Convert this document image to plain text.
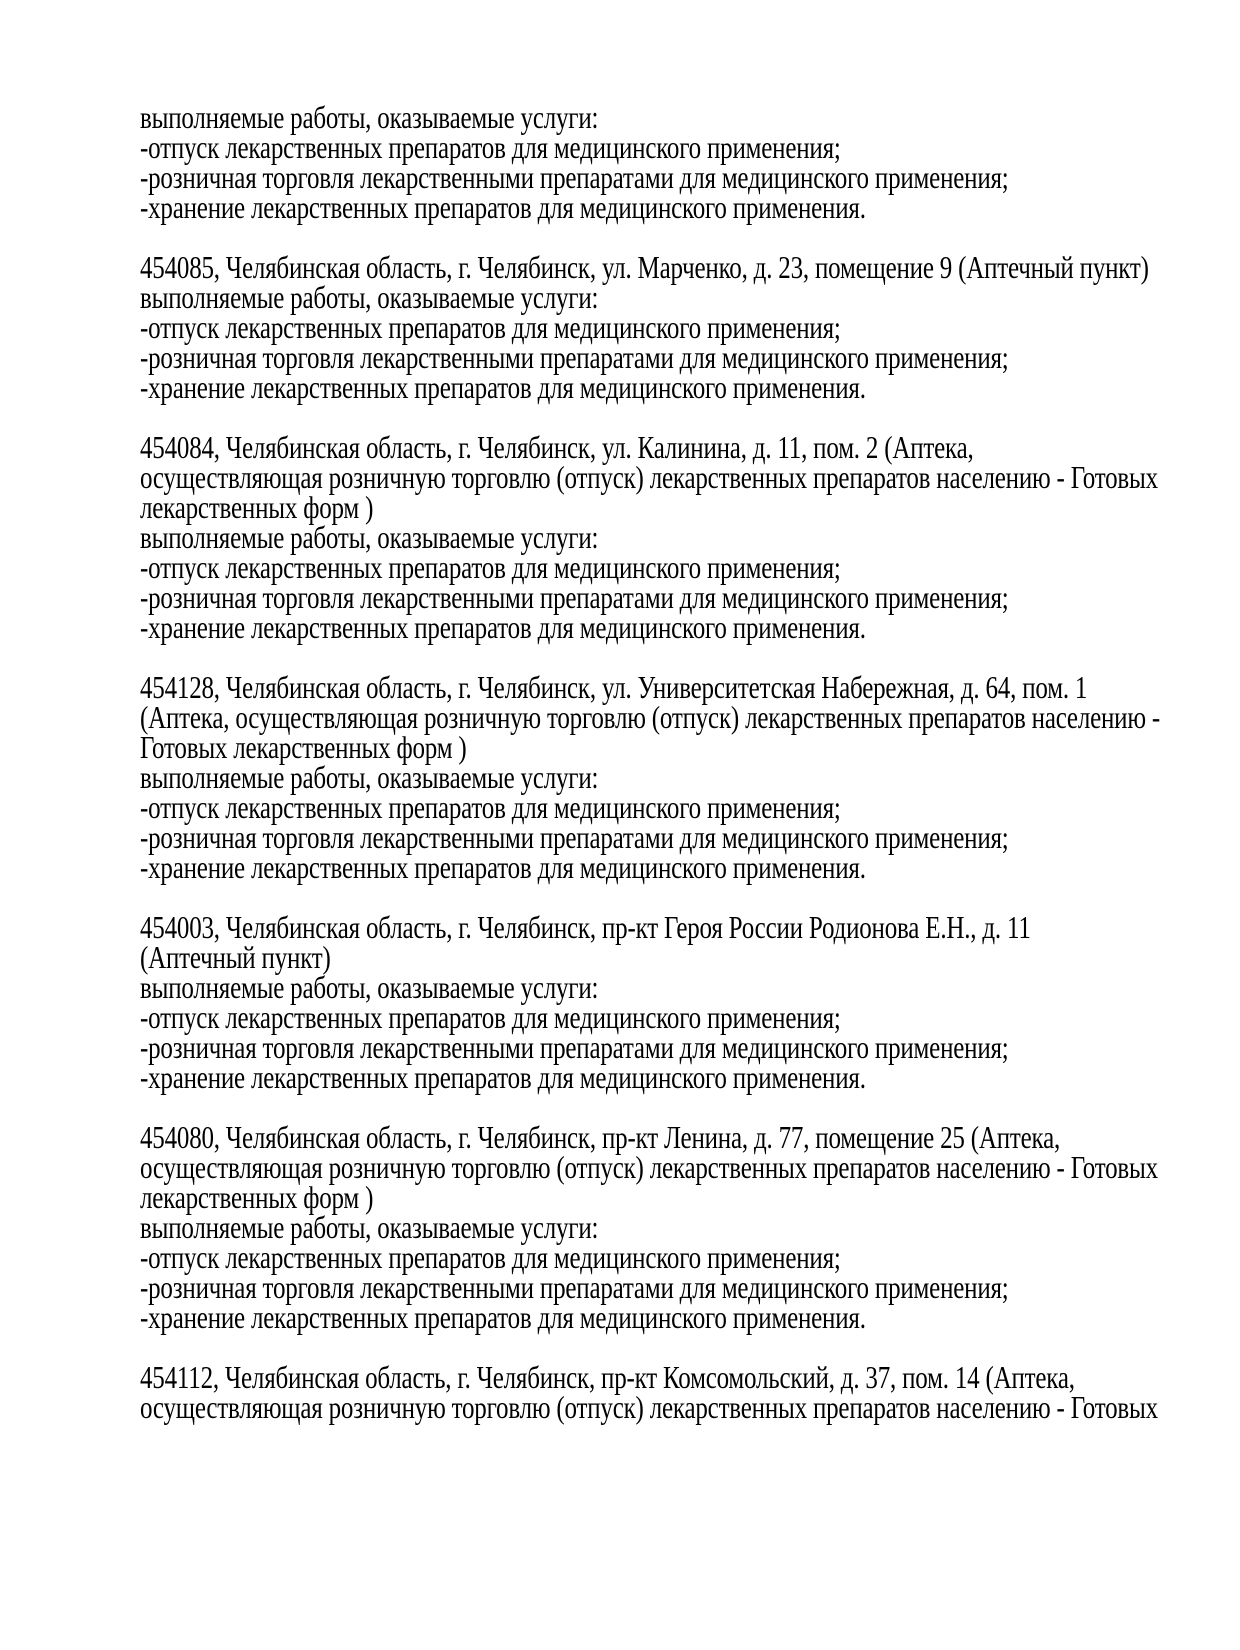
выполняемые работы, оказываемые услуги:
-отпуск лекарственных препаратов для медицинского применения;
-розничная торговля лекарственными препаратами для медицинского применения;
-хранение лекарственных препаратов для медицинского применения.
454085, Челябинская область, г. Челябинск, ул. Марченко, д. 23, помещение 9 (Аптечный пункт)
выполняемые работы, оказываемые услуги:
-отпуск лекарственных препаратов для медицинского применения;
-розничная торговля лекарственными препаратами для медицинского применения;
-хранение лекарственных препаратов для медицинского применения.
454084, Челябинская область, г. Челябинск, ул. Калинина, д. 11, пом. 2 (Аптека,
осуществляющая розничную торговлю (отпуск) лекарственных препаратов населению - Готовых
лекарственных форм )
выполняемые работы, оказываемые услуги:
-отпуск лекарственных препаратов для медицинского применения;
-розничная торговля лекарственными препаратами для медицинского применения;
-хранение лекарственных препаратов для медицинского применения.
454128, Челябинская область, г. Челябинск, ул. Университетская Набережная, д. 64, пом. 1
(Аптека, осуществляющая розничную торговлю (отпуск) лекарственных препаратов населению -
Готовых лекарственных форм )
выполняемые работы, оказываемые услуги:
-отпуск лекарственных препаратов для медицинского применения;
-розничная торговля лекарственными препаратами для медицинского применения;
-хранение лекарственных препаратов для медицинского применения.
454003, Челябинская область, г. Челябинск, пр-кт Героя России Родионова Е.Н., д. 11
(Аптечный пункт)
выполняемые работы, оказываемые услуги:
-отпуск лекарственных препаратов для медицинского применения;
-розничная торговля лекарственными препаратами для медицинского применения;
-хранение лекарственных препаратов для медицинского применения.
454080, Челябинская область, г. Челябинск, пр-кт Ленина, д. 77, помещение 25 (Аптека,
осуществляющая розничную торговлю (отпуск) лекарственных препаратов населению - Готовых
лекарственных форм )
выполняемые работы, оказываемые услуги:
-отпуск лекарственных препаратов для медицинского применения;
-розничная торговля лекарственными препаратами для медицинского применения;
-хранение лекарственных препаратов для медицинского применения.
454112, Челябинская область, г. Челябинск, пр-кт Комсомольский, д. 37, пом. 14 (Аптека,
осуществляющая розничную торговлю (отпуск) лекарственных препаратов населению - Готовых
